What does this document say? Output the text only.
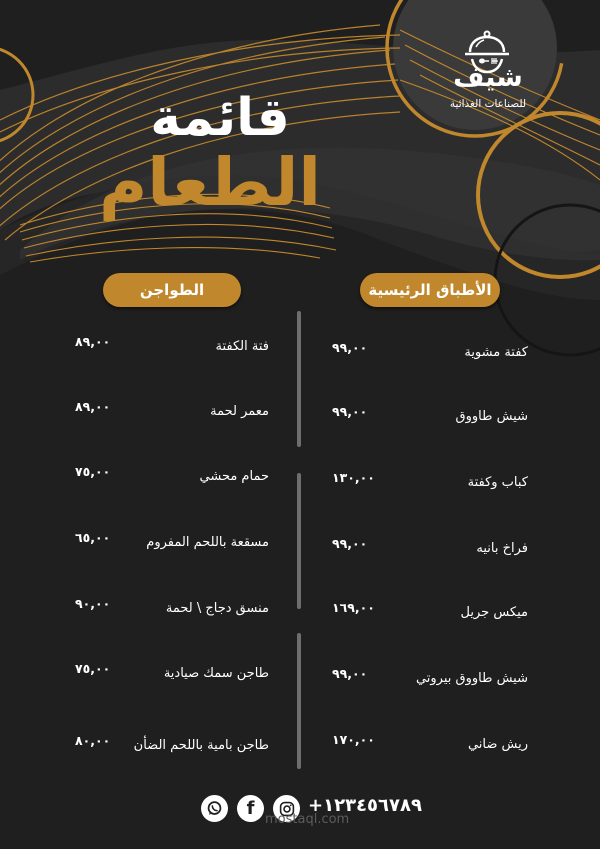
شيف
للصناعات الغذائية
قائمة
الطعام
الأطباق الرئيسية
الطواجن
كفتة مشوية
٩٩,٠٠
شيش طاووق
٩٩,٠٠
كباب وكفتة
١٣٠,٠٠
فراخ بانيه
٩٩,٠٠
ميكس جريل
١٦٩,٠٠
شيش طاووق بيروتي
٩٩,٠٠
ريش ضاني
١٧٠,٠٠
فتة الكفتة
٨٩,٠٠
معمر لحمة
٨٩,٠٠
حمام محشي
٧٥,٠٠
مسقعة باللحم المفروم
٦٥,٠٠
منسق دجاج \ لحمة
٩٠,٠٠
طاجن سمك صيادية
٧٥,٠٠
طاجن بامية باللحم الضأن
٨٠,٠٠
f	+١٢٣٤٥٦٧٨٩
mostaql.com
